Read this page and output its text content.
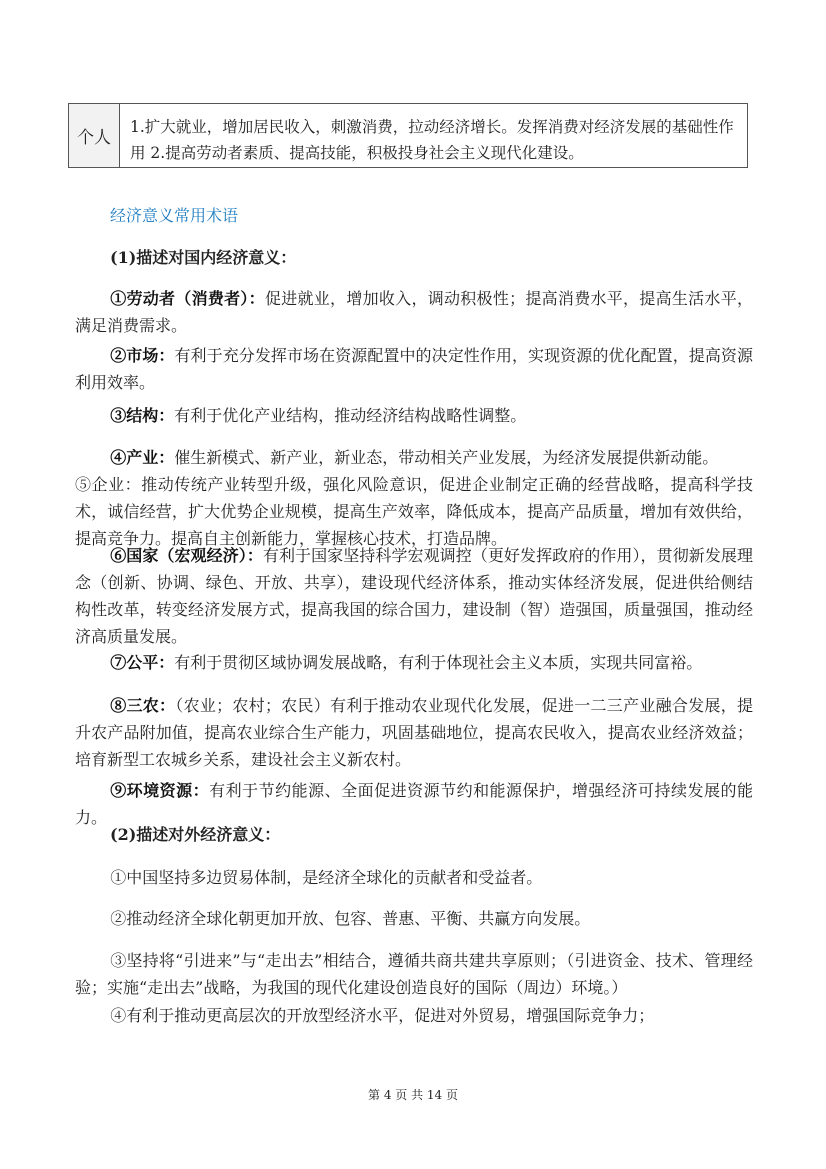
个人
1.扩大就业，增加居民收入，刺激消费，拉动经济增长。发挥消费对经济发展的基础性作用 2.提高劳动者素质、提高技能，积极投身社会主义现代化建设。
经济意义常用术语
(1)描述对国内经济意义：
①劳动者（消费者）：促进就业，增加收入，调动积极性；提高消费水平，提高生活水平，满足消费需求。
②市场：有利于充分发挥市场在资源配置中的决定性作用，实现资源的优化配置，提高资源利用效率。
③结构：有利于优化产业结构，推动经济结构战略性调整。
④产业：催生新模式、新产业，新业态，带动相关产业发展，为经济发展提供新动能。
⑤企业：推动传统产业转型升级，强化风险意识，促进企业制定正确的经营战略，提高科学技术，诚信经营，扩大优势企业规模，提高生产效率，降低成本，提高产品质量，增加有效供给，提高竞争力。提高自主创新能力，掌握核心技术，打造品牌。
⑥国家（宏观经济）：有利于国家坚持科学宏观调控（更好发挥政府的作用），贯彻新发展理念（创新、协调、绿色、开放、共享），建设现代经济体系，推动实体经济发展，促进供给侧结构性改革，转变经济发展方式，提高我国的综合国力，建设制（智）造强国，质量强国，推动经济高质量发展。
⑦公平：有利于贯彻区域协调发展战略，有利于体现社会主义本质，实现共同富裕。
⑧三农：（农业；农村；农民）有利于推动农业现代化发展，促进一二三产业融合发展，提升农产品附加值，提高农业综合生产能力，巩固基础地位，提高农民收入，提高农业经济效益；培育新型工农城乡关系，建设社会主义新农村。
⑨环境资源：有利于节约能源、全面促进资源节约和能源保护，增强经济可持续发展的能力。
(2)描述对外经济意义：
①中国坚持多边贸易体制，是经济全球化的贡献者和受益者。
②推动经济全球化朝更加开放、包容、普惠、平衡、共赢方向发展。
③坚持将“引进来”与“走出去”相结合，遵循共商共建共享原则；（引进资金、技术、管理经验；实施“走出去”战略，为我国的现代化建设创造良好的国际（周边）环境。）
④有利于推动更高层次的开放型经济水平，促进对外贸易，增强国际竞争力；
第 4 页 共 14 页
